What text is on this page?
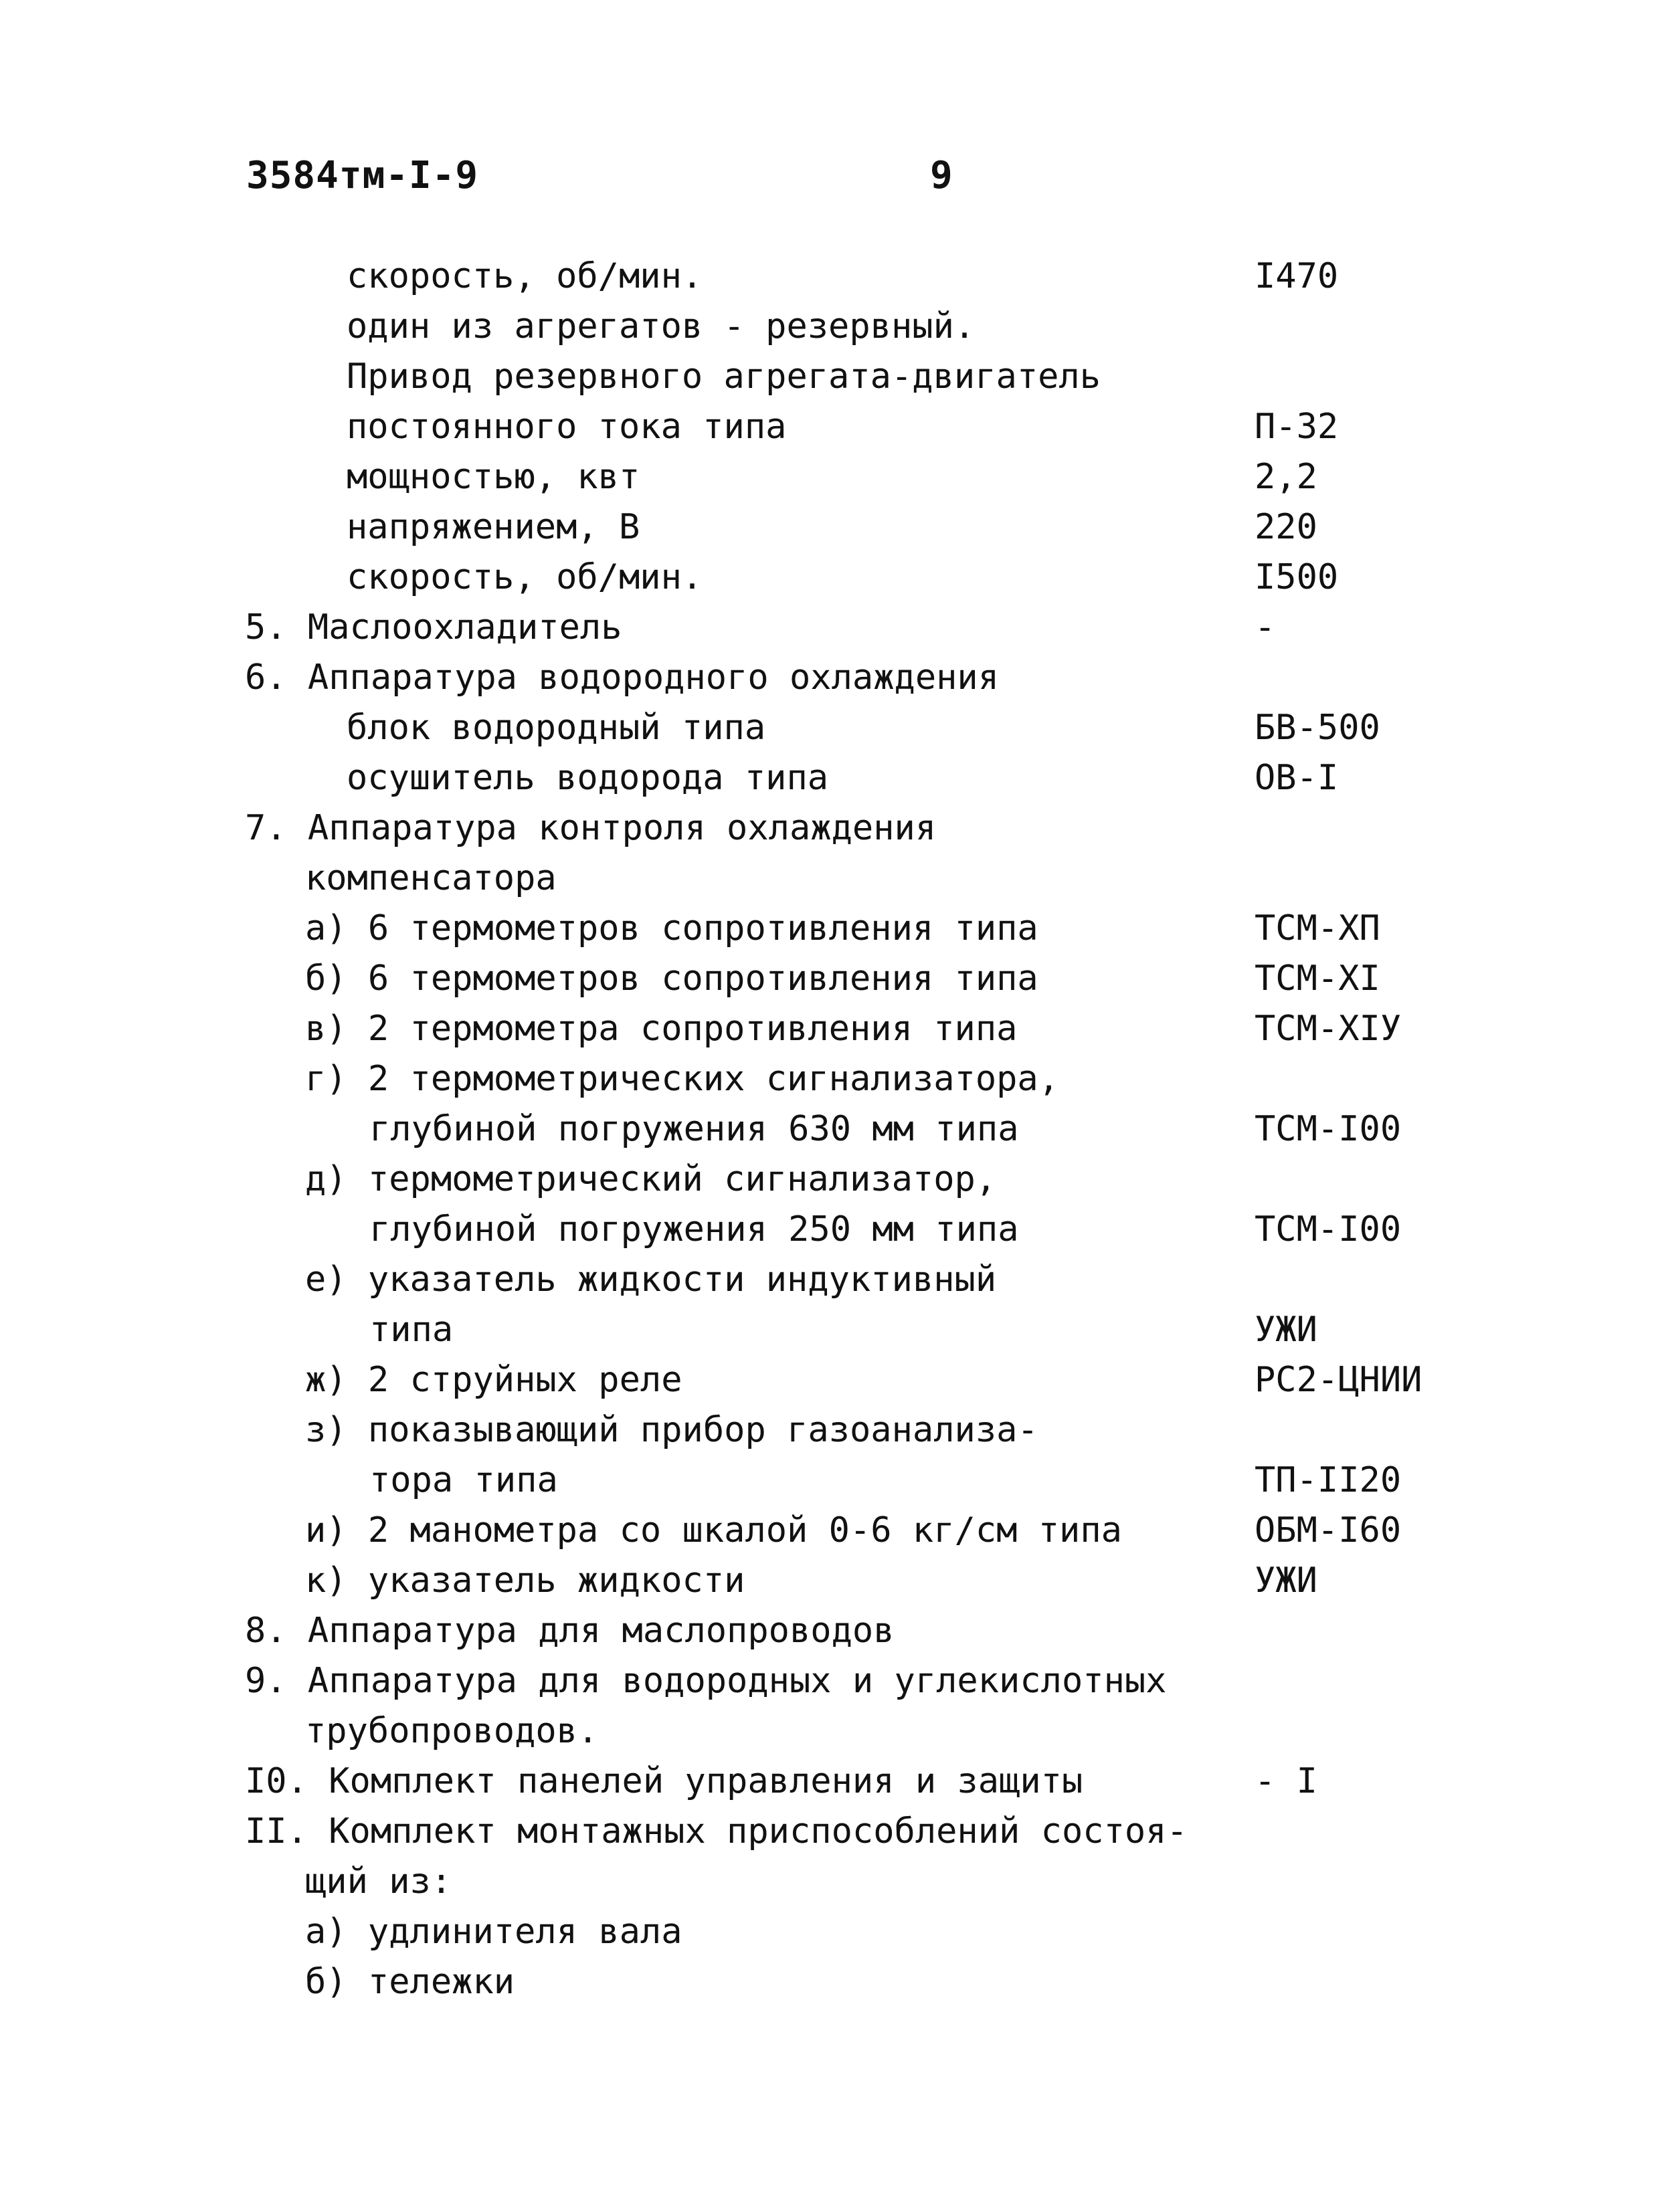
3584тм-I-9	9
скорость, об/мин.	I470
один из агрегатов - резервный.
Привод резервного агрегата-двигатель
постоянного тока типа	П-32
мощностью, квт	2,2
напряжением, В	220
скорость, об/мин.	I500
5. Маслоохладитель	-
6. Аппаратура водородного охлаждения
блок водородный типа	БВ-500
осушитель водорода типа	ОВ-I
7. Аппаратура контроля охлаждения
компенсатора
а) 6 термометров сопротивления типа	ТСМ-ХП
б) 6 термометров сопротивления типа	ТСМ-ХI
в) 2 термометра сопротивления типа	ТСМ-ХIУ
г) 2 термометрических сигнализатора,
глубиной погружения 630 мм типа	ТСМ-I00
д) термометрический сигнализатор,
глубиной погружения 250 мм типа	ТСМ-I00
е) указатель жидкости индуктивный
типа	УЖИ
ж) 2 струйных реле	РС2-ЦНИИ
з) показывающий прибор газоанализа-
тора типа	ТП-II20
и) 2 манометра со шкалой 0-6 кг/см типа	ОБМ-I60
к) указатель жидкости	УЖИ
8. Аппаратура для маслопроводов
9. Аппаратура для водородных и углекислотных
трубопроводов.
I0. Комплект панелей управления и защиты	- I
II. Комплект монтажных приспособлений состоя-
щий из:
а) удлинителя вала
б) тележки
